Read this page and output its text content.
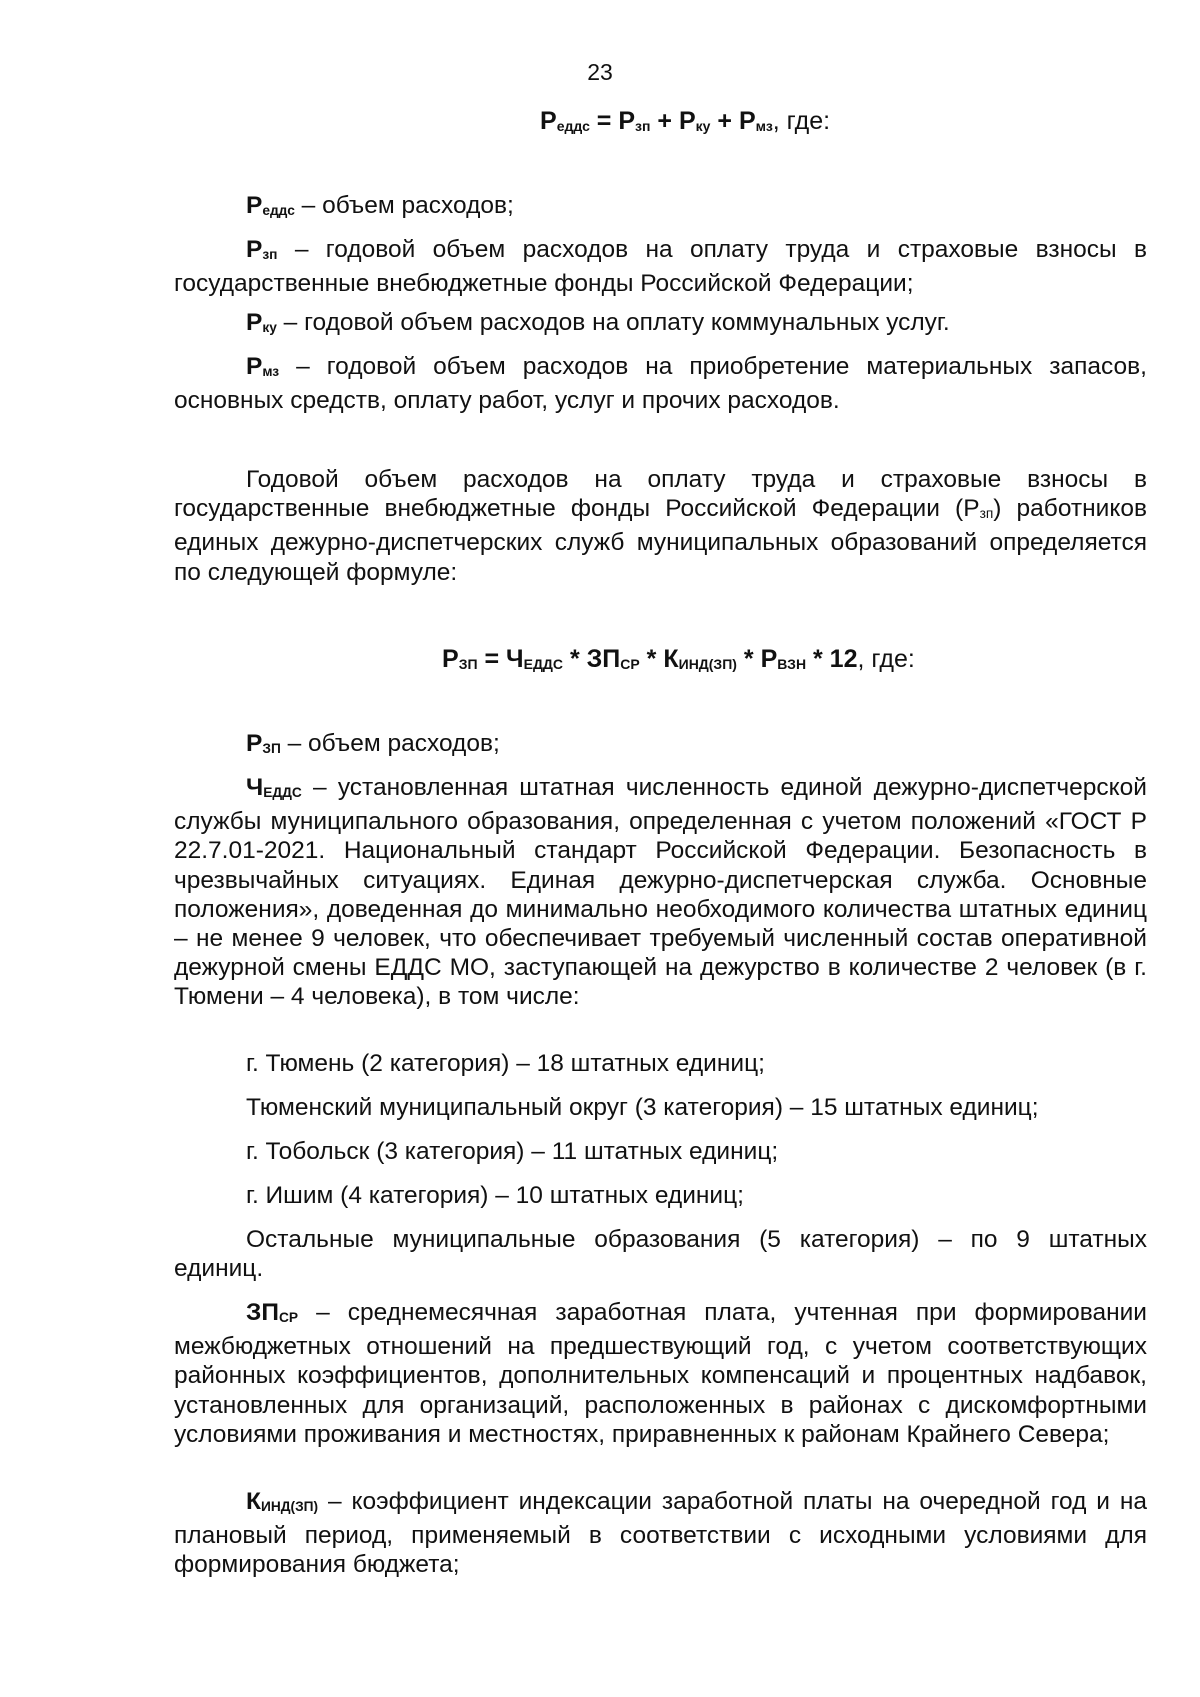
23
$Р_{еддс} = Р_{зп} + Р_{ку} + Р_{мз}$, где:

$Р_{еддс}$ – объем расходов;

$Р_{зп}$ – годовой объем расходов на оплату труда и страховые взносы в государственные внебюджетные фонды Российской Федерации;

$Р_{ку}$ – годовой объем расходов на оплату коммунальных услуг.

$Р_{мз}$ – годовой объем расходов на приобретение материальных запасов, основных средств, оплату работ, услуг и прочих расходов.

Годовой объем расходов на оплату труда и страховые взносы в государственные внебюджетные фонды Российской Федерации $(Р_{зп})$ работников единых дежурно-диспетчерских служб муниципальных образований определяется по следующей формуле:

$Р_{ЗП} = Ч_{ЕДДС} * ЗП_{СР} * К_{ИНД(ЗП)} * Р_{ВЗН} * 12$, где:

$Р_{ЗП}$ – объем расходов;

$Ч_{ЕДДС}$ – установленная штатная численность единой дежурно-диспетчерской службы муниципального образования, определенная с учетом положений «ГОСТ Р 22.7.01-2021. Национальный стандарт Российской Федерации. Безопасность в чрезвычайных ситуациях. Единая дежурно-диспетчерская служба. Основные положения», доведенная до минимально необходимого количества штатных единиц – не менее 9 человек, что обеспечивает требуемый численный состав оперативной дежурной смены ЕДДС МО, заступающей на дежурство в количестве 2 человек (в г. Тюмени – 4 человека), в том числе:

г. Тюмень (2 категория) – 18 штатных единиц;

Тюменский муниципальный округ (3 категория) – 15 штатных единиц;

г. Тобольск (3 категория) – 11 штатных единиц;

г. Ишим (4 категория) – 10 штатных единиц;

Остальные муниципальные образования (5 категория) – по 9 штатных единиц.

$ЗП_{СР}$ – среднемесячная заработная плата, учтенная при формировании межбюджетных отношений на предшествующий год, с учетом соответствующих районных коэффициентов, дополнительных компенсаций и процентных надбавок, установленных для организаций, расположенных в районах с дискомфортными условиями проживания и местностях, приравненных к районам Крайнего Севера;

$К_{ИНД(ЗП)}$ – коэффициент индексации заработной платы на очередной год и на плановый период, применяемый в соответствии с исходными условиями для формирования бюджета;
